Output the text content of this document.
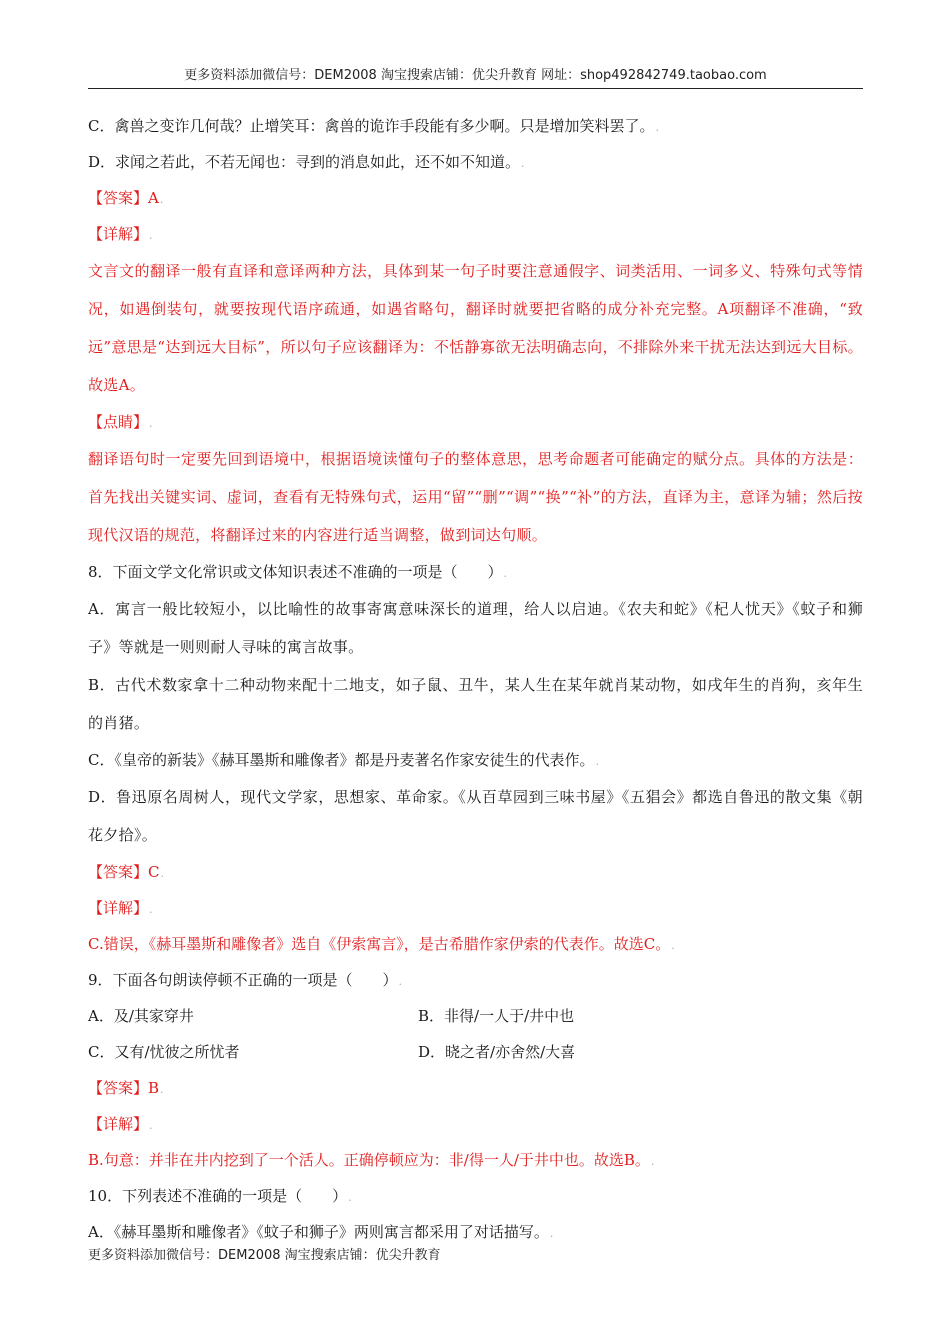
更多资料添加微信号：DEM2008 淘宝搜索店铺：优尖升教育 网址：shop492842749.taobao.com
C．禽兽之变诈几何哉？止增笑耳：禽兽的诡诈手段能有多少啊。只是增加笑料罢了。.
D．求闻之若此，不若无闻也：寻到的消息如此，还不如不知道。.
【答案】A.
【详解】.
文言文的翻译一般有直译和意译两种方法，具体到某一句子时要注意通假字、词类活用、一词多义、特殊句式等情况，如遇倒装句，就要按现代语序疏通，如遇省略句，翻译时就要把省略的成分补充完整。A项翻译不准确，“致远”意思是“达到远大目标”，所以句子应该翻译为：不恬静寡欲无法明确志向，不排除外来干扰无法达到远大目标。故选A。
【点睛】.
翻译语句时一定要先回到语境中，根据语境读懂句子的整体意思，思考命题者可能确定的赋分点。具体的方法是：首先找出关键实词、虚词，查看有无特殊句式，运用“留”“删”“调”“换”“补”的方法，直译为主，意译为辅；然后按现代汉语的规范，将翻译过来的内容进行适当调整，做到词达句顺。
8．下面文学文化常识或文体知识表述不准确的一项是（　　）.
A．寓言一般比较短小，以比喻性的故事寄寓意味深长的道理，给人以启迪。《农夫和蛇》《杞人忧天》《蚊子和狮子》等就是一则则耐人寻味的寓言故事。
B．古代术数家拿十二种动物来配十二地支，如子鼠、丑牛，某人生在某年就肖某动物，如戌年生的肖狗，亥年生的肖猪。
C．《皇帝的新装》《赫耳墨斯和雕像者》都是丹麦著名作家安徒生的代表作。.
D．鲁迅原名周树人，现代文学家，思想家、革命家。《从百草园到三味书屋》《五猖会》都选自鲁迅的散文集《朝花夕拾》。
【答案】C.
【详解】.
C.错误，《赫耳墨斯和雕像者》选自《伊索寓言》，是古希腊作家伊索的代表作。故选C。.
9．下面各句朗读停顿不正确的一项是（　　）.
A．及/其家穿井	B．非得/一人于/井中也
C．又有/忧彼之所忧者	D．晓之者/亦舍然/大喜
【答案】B.
【详解】.
B.句意：并非在井内挖到了一个活人。正确停顿应为：非/得一人/于井中也。故选B。.
10．下列表述不准确的一项是（　　）.
A．《赫耳墨斯和雕像者》《蚊子和狮子》两则寓言都采用了对话描写。.
更多资料添加微信号：DEM2008 淘宝搜索店铺：优尖升教育
